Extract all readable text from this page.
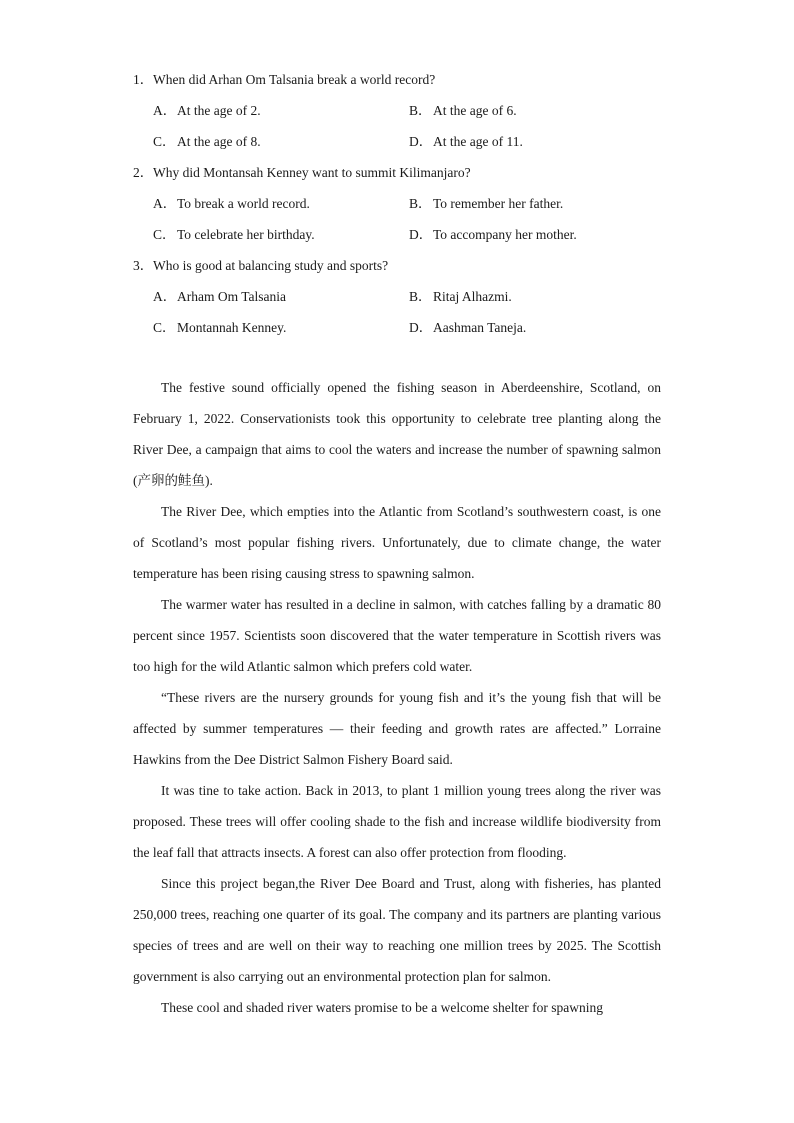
1．When did Arhan Om Talsania break a world record?
A．At the age of 2.	B．At the age of 6.
C．At the age of 8.	D．At the age of 11.
2．Why did Montansah Kenney want to summit Kilimanjaro?
A．To break a world record.	B．To remember her father.
C．To celebrate her birthday.	D．To accompany her mother.
3．Who is good at balancing study and sports?
A．Arham Om Talsania	B．Ritaj Alhazmi.
C．Montannah Kenney.	D．Aashman Taneja.

The festive sound officially opened the fishing season in Aberdeenshire, Scotland, on February 1, 2022. Conservationists took this opportunity to celebrate tree planting along the River Dee, a campaign that aims to cool the waters and increase the number of spawning salmon (产卵的鲑鱼).

The River Dee, which empties into the Atlantic from Scotland’s southwestern coast, is one of Scotland’s most popular fishing rivers. Unfortunately, due to climate change, the water temperature has been rising causing stress to spawning salmon.

The warmer water has resulted in a decline in salmon, with catches falling by a dramatic 80 percent since 1957. Scientists soon discovered that the water temperature in Scottish rivers was too high for the wild Atlantic salmon which prefers cold water.

“These rivers are the nursery grounds for young fish and it’s the young fish that will be affected by summer temperatures — their feeding and growth rates are affected.” Lorraine Hawkins from the Dee District Salmon Fishery Board said.

It was tine to take action. Back in 2013, to plant 1 million young trees along the river was proposed. These trees will offer cooling shade to the fish and increase wildlife biodiversity from the leaf fall that attracts insects. A forest can also offer protection from flooding.

Since this project began,the River Dee Board and Trust, along with fisheries, has planted 250,000 trees, reaching one quarter of its goal. The company and its partners are planting various species of trees and are well on their way to reaching one million trees by 2025. The Scottish government is also carrying out an environmental protection plan for salmon.

These cool and shaded river waters promise to be a welcome shelter for spawning
